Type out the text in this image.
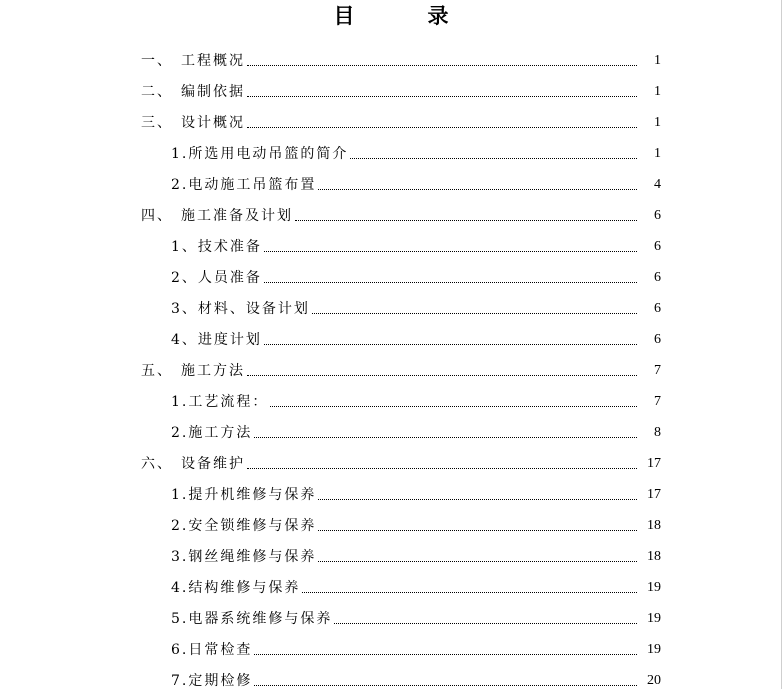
目　录
一、 工程概况	1
二、 编制依据	1
三、 设计概况	1
1. 所选用电动吊篮的简介	1
2. 电动施工吊篮布置	4
四、 施工准备及计划	6
1、 技术准备	6
2、 人员准备	6
3、 材料、设备计划	6
4、 进度计划	6
五、 施工方法	7
1. 工艺流程：	7
2. 施工方法	8
六、 设备维护	17
1. 提升机维修与保养	17
2. 安全锁维修与保养	18
3. 钢丝绳维修与保养	18
4. 结构维修与保养	19
5. 电器系统维修与保养	19
6. 日常检查	19
7. 定期检修	20
